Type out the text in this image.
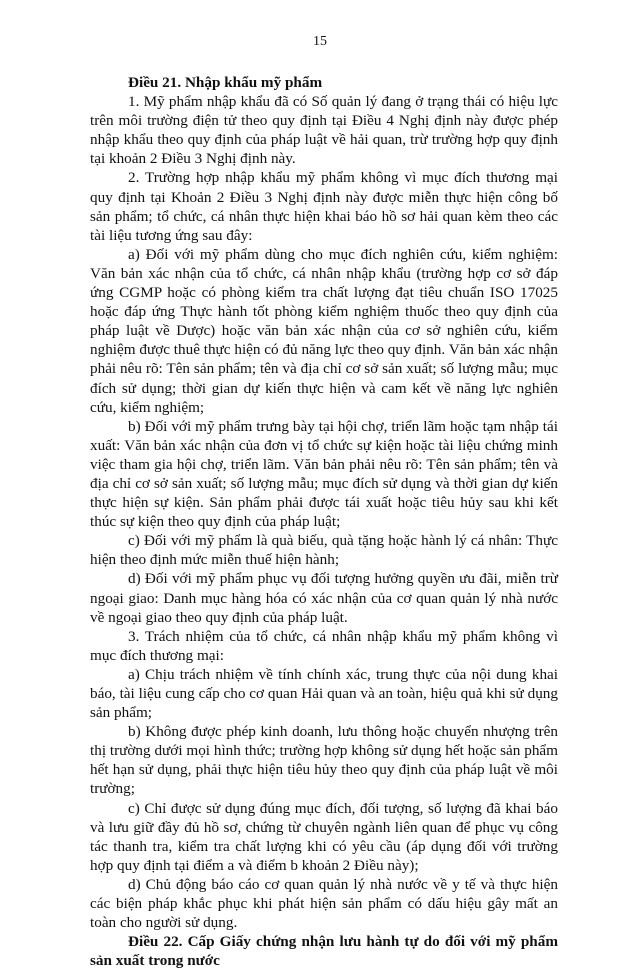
15

Điều 21. Nhập khẩu mỹ phẩm

1. Mỹ phẩm nhập khẩu đã có Số quản lý đang ở trạng thái có hiệu lực trên môi trường điện tử theo quy định tại Điều 4 Nghị định này được phép nhập khẩu theo quy định của pháp luật về hải quan, trừ trường hợp quy định tại khoản 2 Điều 3 Nghị định này.

2. Trường hợp nhập khẩu mỹ phẩm không vì mục đích thương mại quy định tại Khoản 2 Điều 3 Nghị định này được miễn thực hiện công bố sản phẩm; tổ chức, cá nhân thực hiện khai báo hồ sơ hải quan kèm theo các tài liệu tương ứng sau đây:

a) Đối với mỹ phẩm dùng cho mục đích nghiên cứu, kiểm nghiệm: Văn bản xác nhận của tổ chức, cá nhân nhập khẩu (trường hợp cơ sở đáp ứng CGMP hoặc có phòng kiểm tra chất lượng đạt tiêu chuẩn ISO 17025 hoặc đáp ứng Thực hành tốt phòng kiểm nghiệm thuốc theo quy định của pháp luật về Dược) hoặc văn bản xác nhận của cơ sở nghiên cứu, kiểm nghiệm được thuê thực hiện có đủ năng lực theo quy định. Văn bản xác nhận phải nêu rõ: Tên sản phẩm; tên và địa chỉ cơ sở sản xuất; số lượng mẫu; mục đích sử dụng; thời gian dự kiến thực hiện và cam kết về năng lực nghiên cứu, kiểm nghiệm;

b) Đối với mỹ phẩm trưng bày tại hội chợ, triển lãm hoặc tạm nhập tái xuất: Văn bản xác nhận của đơn vị tổ chức sự kiện hoặc tài liệu chứng minh việc tham gia hội chợ, triển lãm. Văn bản phải nêu rõ: Tên sản phẩm; tên và địa chỉ cơ sở sản xuất; số lượng mẫu; mục đích sử dụng và thời gian dự kiến thực hiện sự kiện. Sản phẩm phải được tái xuất hoặc tiêu hủy sau khi kết thúc sự kiện theo quy định của pháp luật;

c) Đối với mỹ phẩm là quà biếu, quà tặng hoặc hành lý cá nhân: Thực hiện theo định mức miễn thuế hiện hành;

d) Đối với mỹ phẩm phục vụ đối tượng hưởng quyền ưu đãi, miễn trừ ngoại giao: Danh mục hàng hóa có xác nhận của cơ quan quản lý nhà nước về ngoại giao theo quy định của pháp luật.

3. Trách nhiệm của tổ chức, cá nhân nhập khẩu mỹ phẩm không vì mục đích thương mại:

a) Chịu trách nhiệm về tính chính xác, trung thực của nội dung khai báo, tài liệu cung cấp cho cơ quan Hải quan và an toàn, hiệu quả khi sử dụng sản phẩm;

b) Không được phép kinh doanh, lưu thông hoặc chuyển nhượng trên thị trường dưới mọi hình thức; trường hợp không sử dụng hết hoặc sản phẩm hết hạn sử dụng, phải thực hiện tiêu hủy theo quy định của pháp luật về môi trường;

c) Chỉ được sử dụng đúng mục đích, đối tượng, số lượng đã khai báo và lưu giữ đầy đủ hồ sơ, chứng từ chuyên ngành liên quan để phục vụ công tác thanh tra, kiểm tra chất lượng khi có yêu cầu (áp dụng đối với trường hợp quy định tại điểm a và điểm b khoản 2 Điều này);

d) Chủ động báo cáo cơ quan quản lý nhà nước về y tế và thực hiện các biện pháp khắc phục khi phát hiện sản phẩm có dấu hiệu gây mất an toàn cho người sử dụng.

Điều 22. Cấp Giấy chứng nhận lưu hành tự do đối với mỹ phẩm sản xuất trong nước
